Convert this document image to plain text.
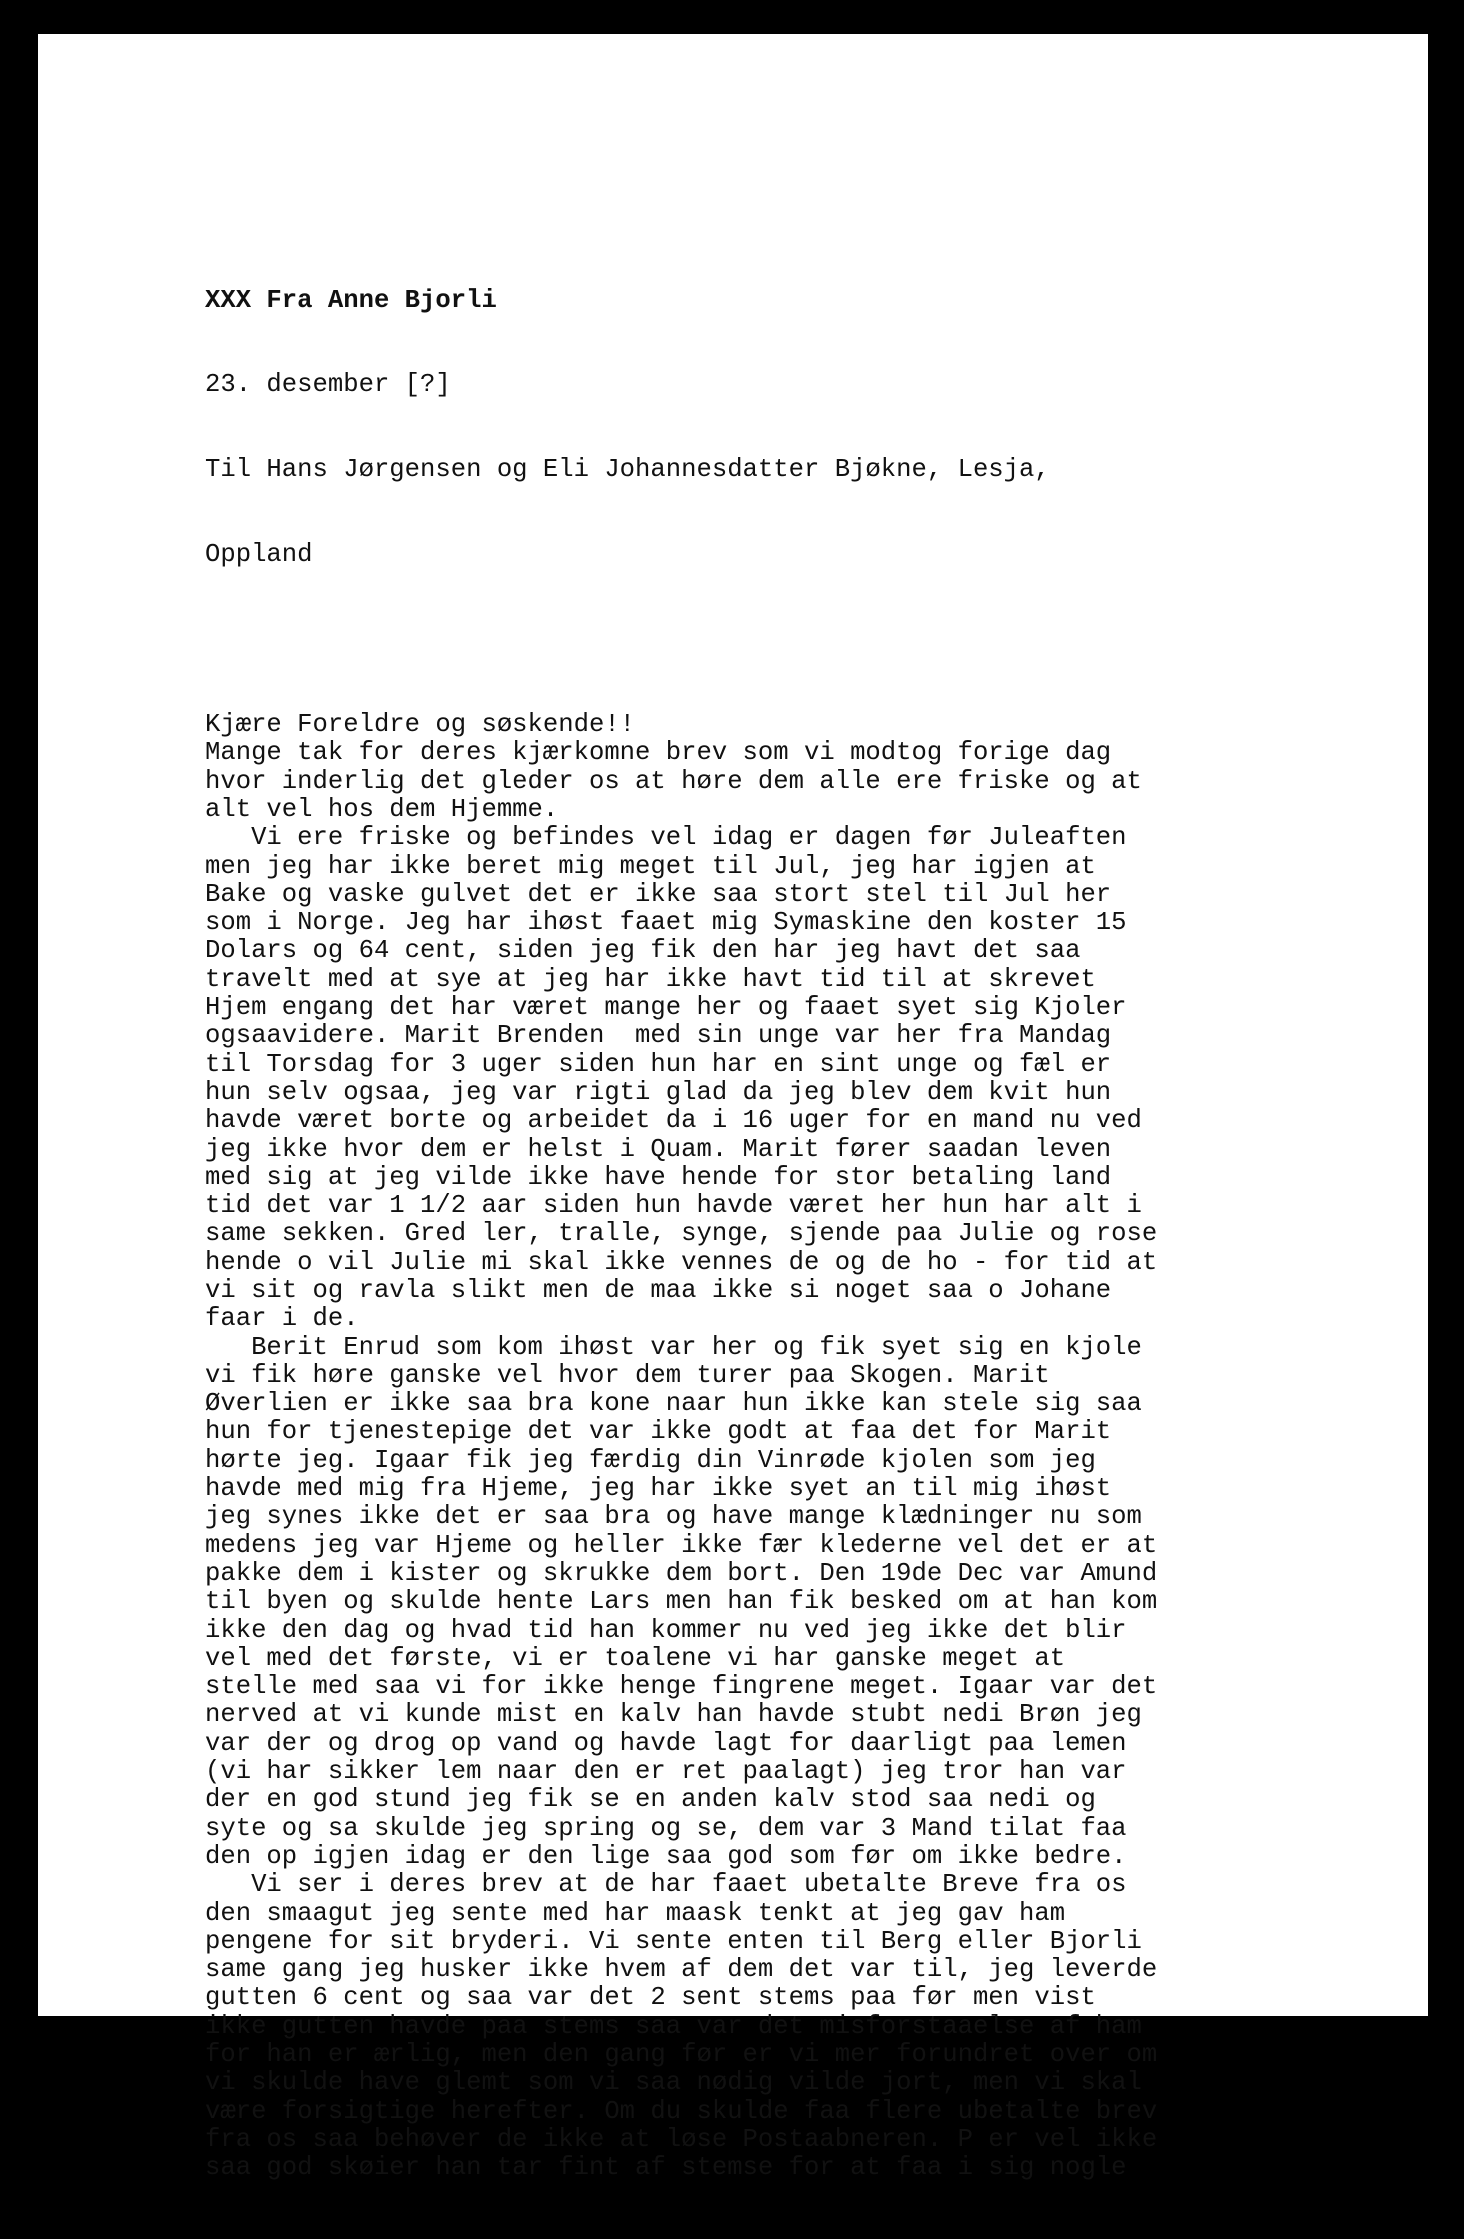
XXX Fra Anne Bjorli

23. desember [?]

Til Hans Jørgensen og Eli Johannesdatter Bjøkne, Lesja,

Oppland

Kjære Foreldre og søskende!!
Mange tak for deres kjærkomne brev som vi modtog forige dag
hvor inderlig det gleder os at høre dem alle ere friske og at
alt vel hos dem Hjemme.
Vi ere friske og befindes vel idag er dagen før Juleaften
men jeg har ikke beret mig meget til Jul, jeg har igjen at
Bake og vaske gulvet det er ikke saa stort stel til Jul her
som i Norge. Jeg har ihøst faaet mig Symaskine den koster 15
Dolars og 64 cent, siden jeg fik den har jeg havt det saa
travelt med at sye at jeg har ikke havt tid til at skrevet
Hjem engang det har været mange her og faaet syet sig Kjoler
ogsaavidere. Marit Brenden  med sin unge var her fra Mandag
til Torsdag for 3 uger siden hun har en sint unge og fæl er
hun selv ogsaa, jeg var rigti glad da jeg blev dem kvit hun
havde været borte og arbeidet da i 16 uger for en mand nu ved
jeg ikke hvor dem er helst i Quam. Marit fører saadan leven
med sig at jeg vilde ikke have hende for stor betaling land
tid det var 1 1/2 aar siden hun havde været her hun har alt i
same sekken. Gred ler, tralle, synge, sjende paa Julie og rose
hende o vil Julie mi skal ikke vennes de og de ho - for tid at
vi sit og ravla slikt men de maa ikke si noget saa o Johane
faar i de.
Berit Enrud som kom ihøst var her og fik syet sig en kjole
vi fik høre ganske vel hvor dem turer paa Skogen. Marit
Øverlien er ikke saa bra kone naar hun ikke kan stele sig saa
hun for tjenestepige det var ikke godt at faa det for Marit
hørte jeg. Igaar fik jeg færdig din Vinrøde kjolen som jeg
havde med mig fra Hjeme, jeg har ikke syet an til mig ihøst
jeg synes ikke det er saa bra og have mange klædninger nu som
medens jeg var Hjeme og heller ikke fær klederne vel det er at
pakke dem i kister og skrukke dem bort. Den 19de Dec var Amund
til byen og skulde hente Lars men han fik besked om at han kom
ikke den dag og hvad tid han kommer nu ved jeg ikke det blir
vel med det første, vi er toalene vi har ganske meget at
stelle med saa vi for ikke henge fingrene meget. Igaar var det
nerved at vi kunde mist en kalv han havde stubt nedi Brøn jeg
var der og drog op vand og havde lagt for daarligt paa lemen
(vi har sikker lem naar den er ret paalagt) jeg tror han var
der en god stund jeg fik se en anden kalv stod saa nedi og
syte og sa skulde jeg spring og se, dem var 3 Mand tilat faa
den op igjen idag er den lige saa god som før om ikke bedre.
Vi ser i deres brev at de har faaet ubetalte Breve fra os
den smaagut jeg sente med har maask tenkt at jeg gav ham
pengene for sit bryderi. Vi sente enten til Berg eller Bjorli
same gang jeg husker ikke hvem af dem det var til, jeg leverde
gutten 6 cent og saa var det 2 sent stems paa før men vist
ikke gutten havde paa stems saa var det misforstaaelse af ham
for han er ærlig, men den gang før er vi mer forundret over om
vi skulde have glemt som vi saa nødig vilde jort, men vi skal
være forsigtige herefter. Om du skulde faa flere ubetalte brev
fra os saa behøver de ikke at løse Postaabneren. P er vel ikke
saa god skøier han tar fint af stemse for at faa i sig nogle
